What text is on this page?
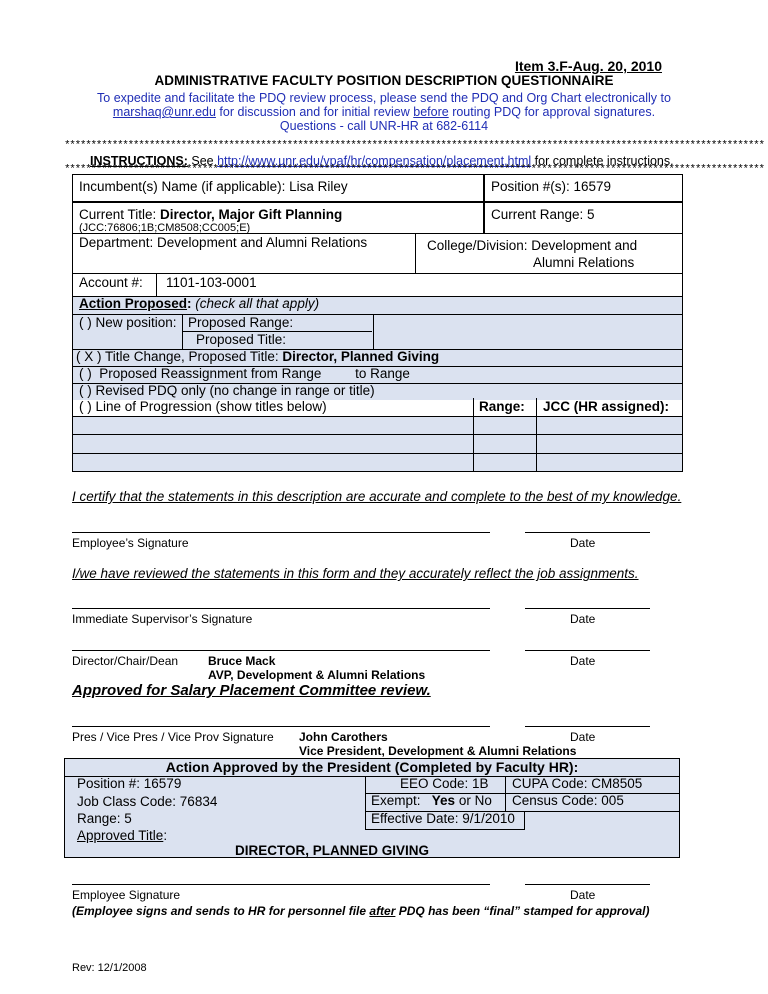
Item 3.F-Aug. 20, 2010
ADMINISTRATIVE FACULTY POSITION DESCRIPTION QUESTIONNAIRE
To expedite and facilitate the PDQ review process, please send the PDQ and Org Chart electronically to
marshaq@unr.edu for discussion and for initial review before routing PDQ for approval signatures.
Questions - call UNR-HR at 682-6114
************************************************************************************************************************************
INSTRUCTIONS: See http://www.unr.edu/vpaf/hr/compensation/placement.html for complete instructions.
************************************************************************************************************************************
Incumbent(s) Name (if applicable): Lisa Riley	Position #(s): 16579
Current Title: Director, Major Gift Planning
(JCC:76806;1B;CM8508;CC005;E)
Current Range: 5
Department: Development and Alumni Relations	College/Division: Development and
Alumni Relations
Account #: 1101-103-0001
Action Proposed: (check all that apply)
( ) New position: Proposed Range:
Proposed Title:
( X ) Title Change, Proposed Title: Director, Planned Giving
( )  Proposed Reassignment from Range         to Range
( ) Revised PDQ only (no change in range or title)
( ) Line of Progression (show titles below)	Range: JCC (HR assigned):
I certify that the statements in this description are accurate and complete to the best of my knowledge.
Employee’s Signature	Date
I/we have reviewed the statements in this form and they accurately reflect the job assignments.
Immediate Supervisor’s Signature	Date
Director/Chair/Dean Bruce Mack
AVP, Development & Alumni Relations
Date
Approved for Salary Placement Committee review.
Pres / Vice Pres / Vice Prov Signature John Carothers
Vice President, Development & Alumni Relations
Date
Action Approved by the President (Completed by Faculty HR):
Position #: 16579
Job Class Code: 76834
Range: 5
Approved Title:
EEO Code: 1B CUPA Code: CM8505
Exempt:   Yes or No Census Code: 005
Effective Date: 9/1/2010
DIRECTOR, PLANNED GIVING
Employee Signature	Date
(Employee signs and sends to HR for personnel file after PDQ has been “final” stamped for approval)
Rev: 12/1/2008
